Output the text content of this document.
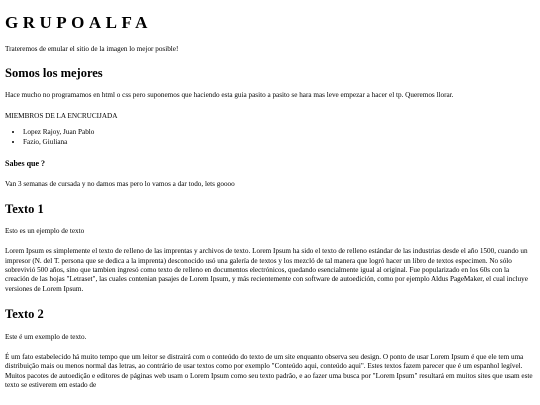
GRUPOALFA

Trateremos de emular el sitio de la imagen lo mejor posible!

Somos los mejores

Hace mucho no programamos en html o css pero suponemos que haciendo esta guia pasito a pasito se hara mas leve empezar a hacer el tp. Queremos llorar.

MIEMBROS DE LA ENCRUCIJADA

• Lopez Rajoy, Juan Pablo
• Fazio, Giuliana
Sabes que ?

Van 3 semanas de cursada y no damos mas pero lo vamos a dar todo, lets goooo

Texto 1

Esto es un ejemplo de texto

Lorem Ipsum es simplemente el texto de relleno de las imprentas y archivos de texto. Lorem Ipsum ha sido el texto de relleno estándar de las industrias desde el año 1500, cuando un impresor (N. del T. persona que se dedica a la imprenta) desconocido usó una galería de textos y los mezcló de tal manera que logró hacer un libro de textos especimen. No sólo sobrevivió 500 años, sino que tambien ingresó como texto de relleno en documentos electrónicos, quedando esencialmente igual al original. Fue popularizado en los 60s con la creación de las hojas "Letraset", las cuales contenian pasajes de Lorem Ipsum, y más recientemente con software de autoedición, como por ejemplo Aldus PageMaker, el cual incluye versiones de Lorem Ipsum.

Texto 2

Este é um exemplo de texto.

É um fato estabelecido há muito tempo que um leitor se distrairá com o conteúdo do texto de um site enquanto observa seu design. O ponto de usar Lorem Ipsum é que ele tem uma distribuição mais ou menos normal das letras, ao contrário de usar textos como por exemplo "Conteúdo aqui, conteúdo aqui". Estes textos fazem parecer que é um espanhol legível. Muitos pacotes de autoedição e editores de páginas web usam o Lorem Ipsum como seu texto padrão, e ao fazer uma busca por "Lorem Ipsum" resultará em muitos sites que usam este texto se estiverem em estado de
